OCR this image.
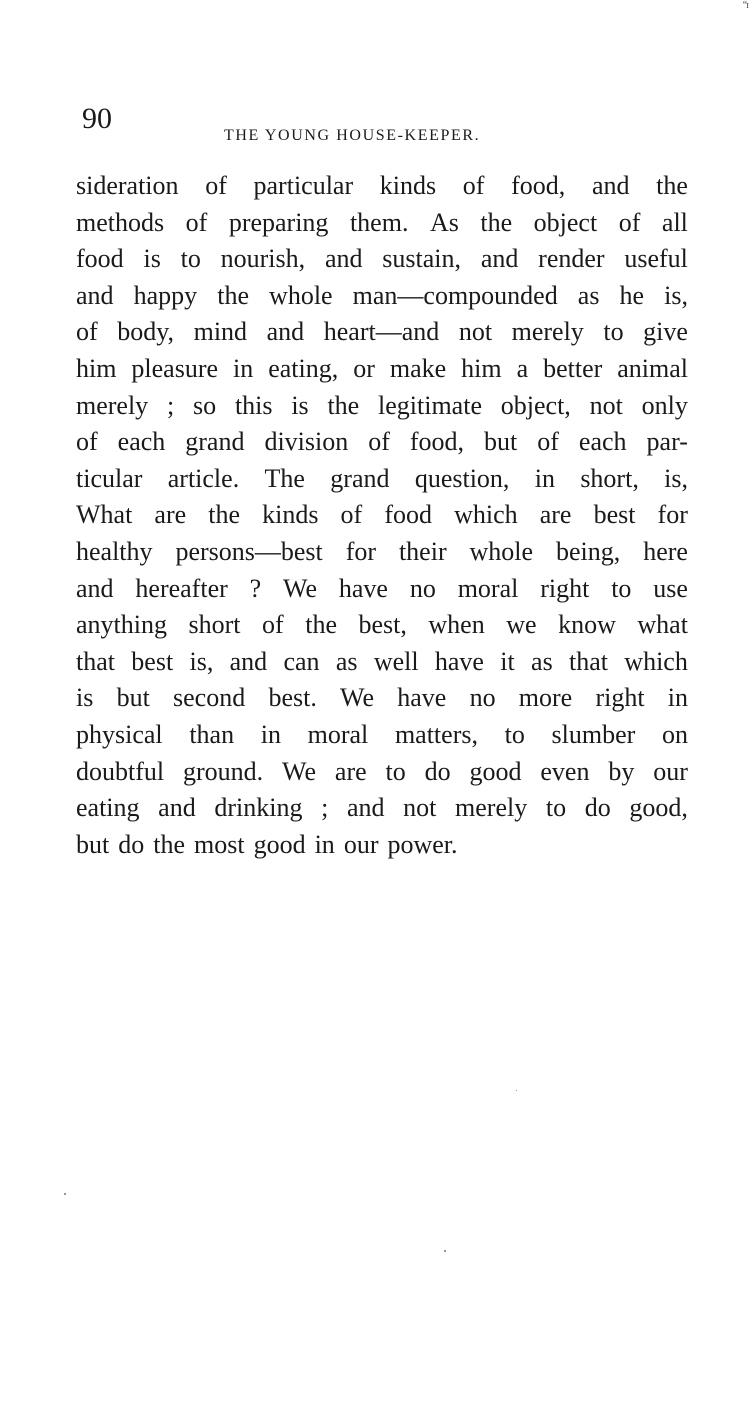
“ɪ
90
THE YOUNG HOUSE-KEEPER.
sideration of particular kinds of food, and the
methods of preparing them. As the object of all
food is to nourish, and sustain, and render useful
and happy the whole man—compounded as he is,
of body, mind and heart—and not merely to give
him pleasure in eating, or make him a better animal
merely ; so this is the legitimate object, not only
of each grand division of food, but of each par-
ticular article. The grand question, in short, is,
What are the kinds of food which are best for
healthy persons—best for their whole being, here
and hereafter ? We have no moral right to use
anything short of the best, when we know what
that best is, and can as well have it as that which
is but second best. We have no more right in
physical than in moral matters, to slumber on
doubtful ground. We are to do good even by our
eating and drinking ; and not merely to do good,
but do the most good in our power.
